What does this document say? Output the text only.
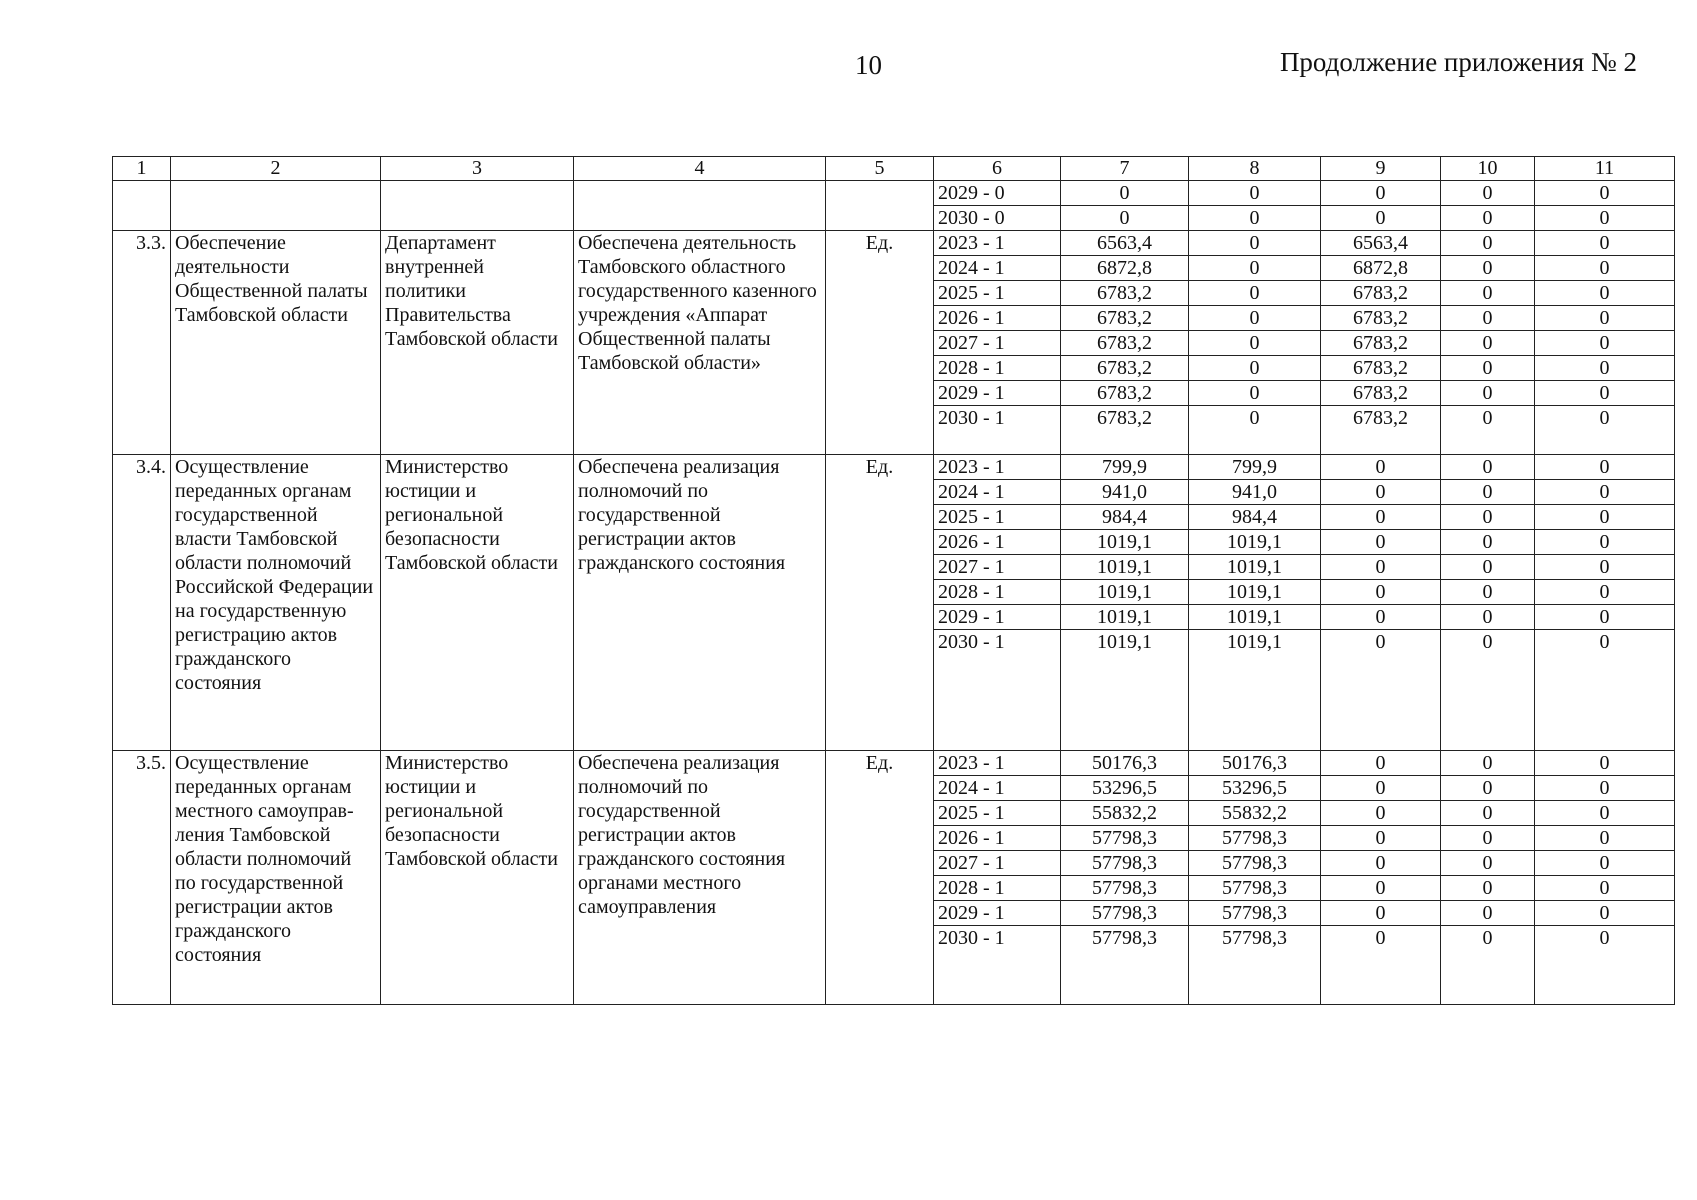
10	Продолжение приложения № 2
1	2	3	4	5	6	7	8	9	10	11
					2029 - 0	0	0	0	0	0
					2030 - 0	0	0	0	0	0
3.3.	Обеспечение деятельности Общественной палаты Тамбовской области	Департамент внутренней политики Правительства Тамбовской области	Обеспечена деятельность Тамбовского областного государственного казенного учреждения «Аппарат Общественной палаты Тамбовской области»	Ед.	2023 - 1	6563,4	0	6563,4	0	0
					2024 - 1	6872,8	0	6872,8	0	0
					2025 - 1	6783,2	0	6783,2	0	0
					2026 - 1	6783,2	0	6783,2	0	0
					2027 - 1	6783,2	0	6783,2	0	0
					2028 - 1	6783,2	0	6783,2	0	0
					2029 - 1	6783,2	0	6783,2	0	0
					2030 - 1	6783,2	0	6783,2	0	0
3.4.	Осуществление переданных органам государственной власти Тамбовской области полномочий Российской Федерации на государственную регистрацию актов гражданского состояния	Министерство юстиции и региональной безопасности Тамбовской области	Обеспечена реализация полномочий по государственной регистрации актов гражданского состояния	Ед.	2023 - 1	799,9	799,9	0	0	0
					2024 - 1	941,0	941,0	0	0	0
					2025 - 1	984,4	984,4	0	0	0
					2026 - 1	1019,1	1019,1	0	0	0
					2027 - 1	1019,1	1019,1	0	0	0
					2028 - 1	1019,1	1019,1	0	0	0
					2029 - 1	1019,1	1019,1	0	0	0
					2030 - 1	1019,1	1019,1	0	0	0
3.5.	Осуществление переданных органам местного самоуправ-ления Тамбовской области полномочий по государственной регистрации актов гражданского состояния	Министерство юстиции и региональной безопасности Тамбовской области	Обеспечена реализация полномочий по государственной регистрации актов гражданского состояния органами местного самоуправления	Ед.	2023 - 1	50176,3	50176,3	0	0	0
					2024 - 1	53296,5	53296,5	0	0	0
					2025 - 1	55832,2	55832,2	0	0	0
					2026 - 1	57798,3	57798,3	0	0	0
					2027 - 1	57798,3	57798,3	0	0	0
					2028 - 1	57798,3	57798,3	0	0	0
					2029 - 1	57798,3	57798,3	0	0	0
					2030 - 1	57798,3	57798,3	0	0	0
